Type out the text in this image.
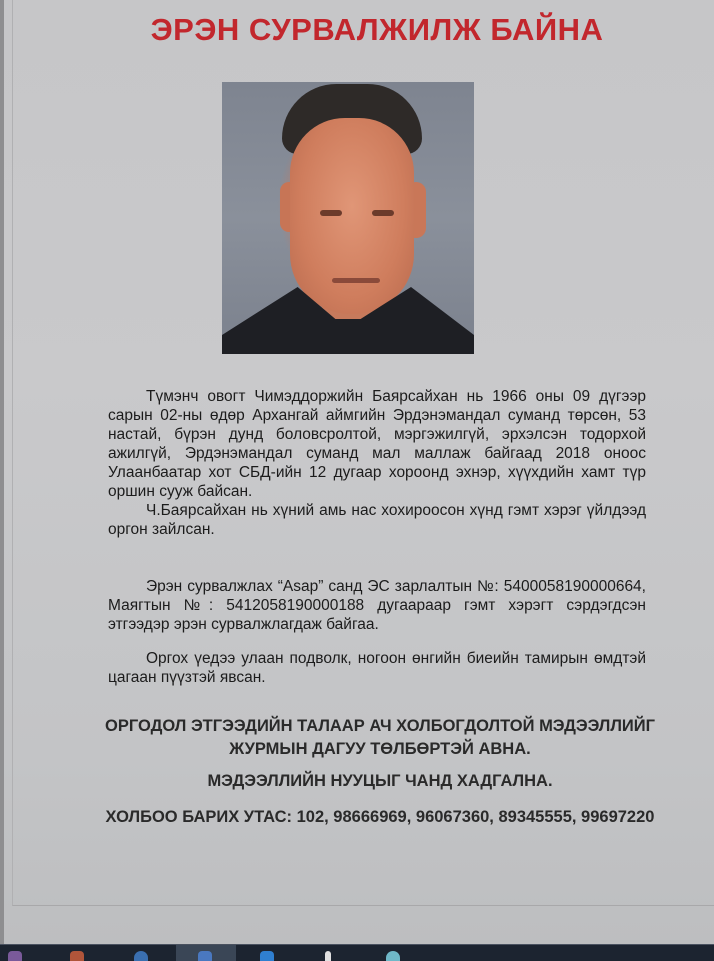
ЭРЭН СУРВАЛЖИЛЖ БАЙНА

Түмэнч овогт Чимэддоржийн Баярсайхан нь 1966 оны 09 дүгээр сарын 02-ны өдөр Архангай аймгийн Эрдэнэмандал суманд төрсөн, 53 настай, бүрэн дунд боловсролтой, мэргэжилгүй, эрхэлсэн тодорхой ажилгүй, Эрдэнэмандал суманд мал маллаж байгаад 2018 оноос Улаанбаатар хот СБД-ийн 12 дугаар хороонд эхнэр, хүүхдийн хамт түр оршин сууж байсан.

Ч.Баярсайхан нь хүний амь нас хохироосон хүнд гэмт хэрэг үйлдээд оргон зайлсан.

Эрэн сурвалжлах “Asap” санд ЭС зарлалтын №: 5400058190000664, Маягтын №: 5412058190000188 дугаараар гэмт хэрэгт сэрдэгдсэн этгээдэр эрэн сурвалжлагдаж байгаа.

Оргох үедээ улаан подволк, ногоон өнгийн биеийн тамирын өмдтэй цагаан пүүзтэй явсан.

ОРГОДОЛ ЭТГЭЭДИЙН ТАЛААР АЧ ХОЛБОГДОЛТОЙ МЭДЭЭЛЛИЙГ ЖУРМЫН ДАГУУ ТӨЛБӨРТЭЙ АВНА.
МЭДЭЭЛЛИЙН НУУЦЫГ ЧАНД ХАДГАЛНА.
ХОЛБОО БАРИХ УТАС: 102, 98666969, 96067360, 89345555, 99697220
